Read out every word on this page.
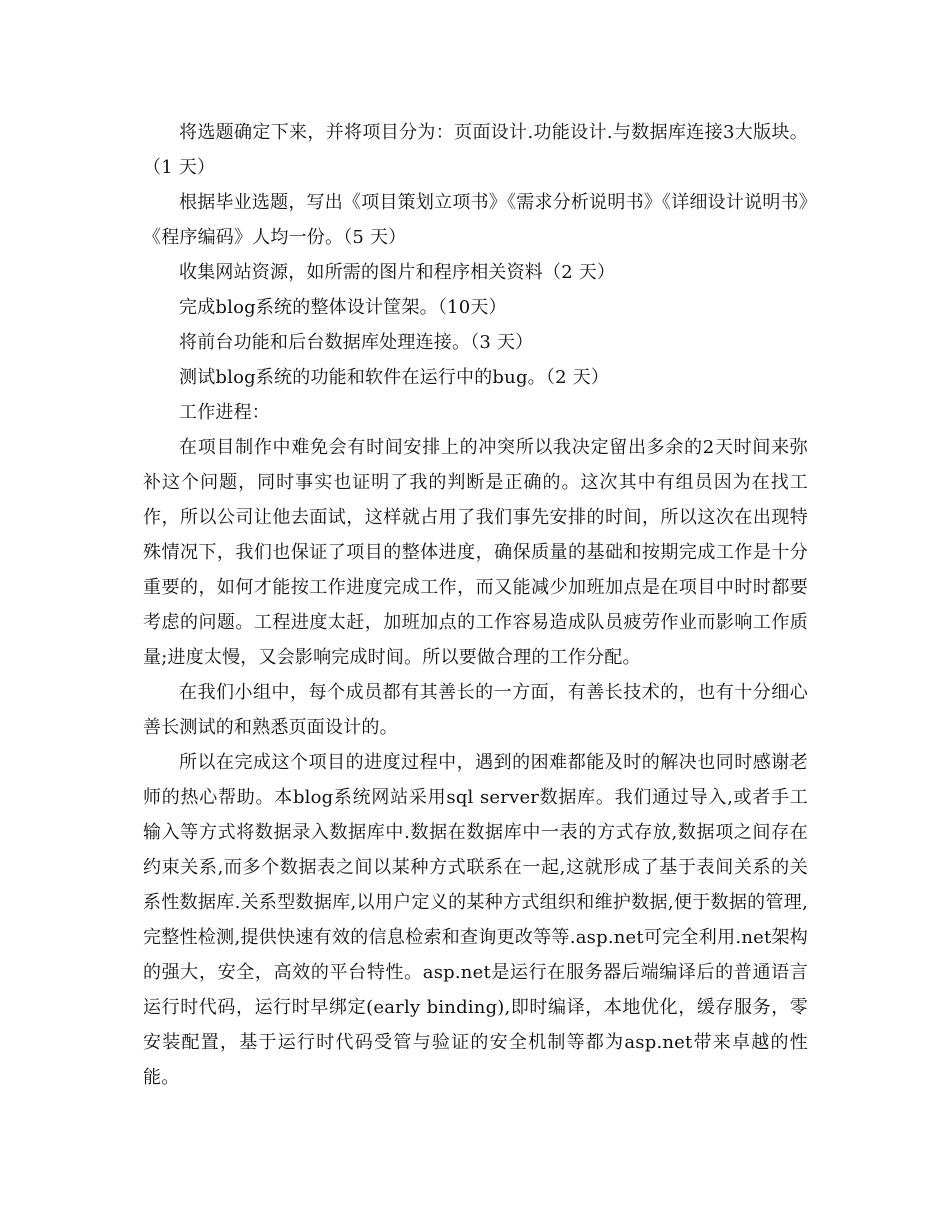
将选题确定下来，并将项目分为：页面设计.功能设计.与数据库连接3大版块。（1 天）

根据毕业选题，写出《项目策划立项书》《需求分析说明书》《详细设计说明书》《程序编码》人均一份。（5 天）

收集网站资源，如所需的图片和程序相关资料（2 天）

完成blog系统的整体设计筐架。（10天）

将前台功能和后台数据库处理连接。（3 天）

测试blog系统的功能和软件在运行中的bug。（2 天）

工作进程：

在项目制作中难免会有时间安排上的冲突所以我决定留出多余的2天时间来弥补这个问题，同时事实也证明了我的判断是正确的。这次其中有组员因为在找工作，所以公司让他去面试，这样就占用了我们事先安排的时间，所以这次在出现特殊情况下，我们也保证了项目的整体进度，确保质量的基础和按期完成工作是十分重要的，如何才能按工作进度完成工作，而又能减少加班加点是在项目中时时都要考虑的问题。工程进度太赶，加班加点的工作容易造成队员疲劳作业而影响工作质量;进度太慢，又会影响完成时间。所以要做合理的工作分配。

在我们小组中，每个成员都有其善长的一方面，有善长技术的，也有十分细心善长测试的和熟悉页面设计的。

所以在完成这个项目的进度过程中，遇到的困难都能及时的解决也同时感谢老师的热心帮助。本blog系统网站采用sql server数据库。我们通过导入,或者手工输入等方式将数据录入数据库中.数据在数据库中一表的方式存放,数据项之间存在约束关系,而多个数据表之间以某种方式联系在一起,这就形成了基于表间关系的关系性数据库.关系型数据库,以用户定义的某种方式组织和维护数据,便于数据的管理,完整性检测,提供快速有效的信息检索和查询更改等等.asp.net可完全利用.net架构的强大，安全，高效的平台特性。asp.net是运行在服务器后端编译后的普通语言运行时代码，运行时早绑定(early binding),即时编译，本地优化，缓存服务，零安装配置，基于运行时代码受管与验证的安全机制等都为asp.net带来卓越的性能。
